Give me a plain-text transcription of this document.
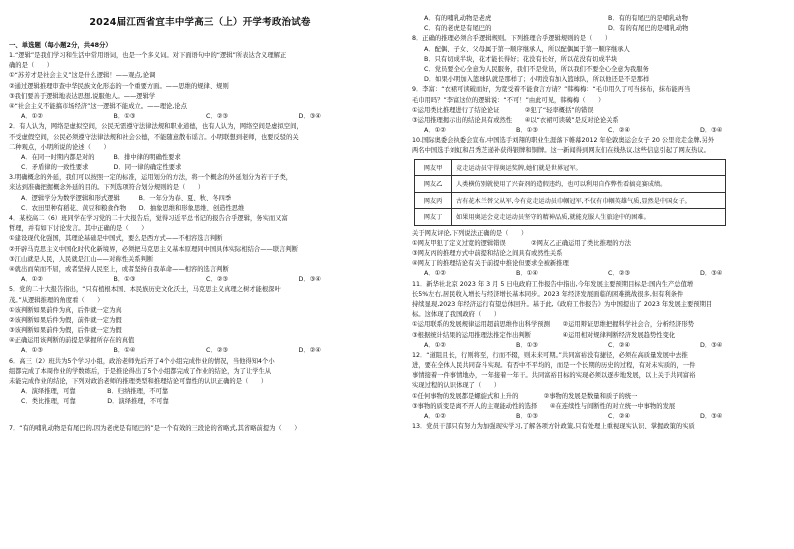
2024届江西省宜丰中学高三（上）开学考政治试卷
一、单选题（每小题2分，共48分）
1.“逻辑”是我们学习和生活中常用语词，也是一个多义词。对下面语句中的“逻辑”所表达含义理解正
确的是（　　）
①“苏芳才是社会主义”这是什么逻辑！——观点,论调
②通过逻辑推理审查中华民族文化形态的一个重要方面。——思维的规律、规则
③我们要善于逻辑地表达思想,说服他人。——逻辑学
④“社会主义不能搞市场经济”这一逻辑不能成立。——理论,论点
A．①②	B．①③	C．②③	D．③④
2．有人认为，网络是虚拟空间，公民无需遵守法律法规和职业道德，也有人认为，网络空间是虚拟空间，
不受虚假空间，公民必须遵守法律法规和社会公德，不能随意散布谣言。小明联想到老师，也要反驳的关
二种观点，小明所说的论述（　　）
A．在同一时期内都是对的　　　B．排中律的明确性要求
C．矛盾律的一致性要求　　　　D．同一律的确定性要求
3.明确概念的外延，我们可以按照一定的标准，运用划分的方法，将一个概念的外延划分为若干子类，
来达到准确把握概念外延的目的。下列选项符合划分规则的是（　　）
A．逻辑学分为数学逻辑和形式逻辑　　　B．一年分为春、夏、秋、冬四季
C．农田里种有稻花、黄豆和粮食作物　　D．抽象思维和形象思维、创造性思维
4．某校高二（6）班同学在学习党的二十大报告后，觉得习近平总书记的报告合乎逻辑，务实而又富
哲理，并有如下讨论发言。其中正确的是（　　）
①建设现代化强国，其理论基础是中国式，要么是西方式——不相容选言判断
②开辟马克思主义中国化时代化新境界，必须把马克思主义基本原理同中国具体实际相结合——联言判断
③江山就是人民，人民就是江山——对称性关系判断
④就出而荣而不屈，或者坚持人民至上，或者坚持自我革命——相容的选言判断
A．①②	B．①③	C．②③	D．③④
5．党的二十大报告指出，“只有植根本国、本民族历史文化沃土，马克思主义真理之树才能根深叶
茂。”从逻辑推理的角度看（　　）
①该判断如果前件为真，后件就一定为真
②该判断如果后件为假，前件就一定为假
③该判断如果前件为假，后件就一定为假
④正确运用该判断的前提是掌握所存在的真值
A．①③	B．①④	C．②③	D．②④
6．高三（2）班共为5个学习小组，政治老师先后开了4个小组完成作业的情况，当他得知4个小
组都完成了本周作业的学数练后，于是推论得出了5个小组都完成了作业的结论，为了让学生从
未能完成作业的结论，下列对政治老师的推理类型和推理结论可靠性的认识正确的是（　　）
A．演绎推理，可靠　　　　　B．归纳推理，不可靠
C．类比推理，可靠　　　　　D．演绎推理，不可靠
7．“有的哺乳动物是有尾巴的,因为老虎是有尾巴的”是一个有效的三段论的省略式,其省略前提为（　　）
A．有的哺乳动物是老虎	B．有的有尾巴的是哺乳动物
C．有的老虎是有尾巴的	D．有的有尾巴的是哺乳动物
8．正确的推理必须合乎逻辑规则。下列推理合乎逻辑规则的是（　　）
A．配偶、子女、父母属于第一顺序继承人，所以配偶属于第一顺序继承人
B．只有切成半块，花才能长得好；花没有长好，所以花没有切成半块
C．党员要全心全意为人民服务，我们不是党员，所以我们不要全心全意为我服务
D．如果小明加入篮球队就是那样了；小明没有加入篮球队，所以他还是不是那样
9．李富：“衣裙可读破而好，为宽受着不能食言方请？”韩梅梅：“毛巾用久了可当抹布，抹布能再当
毛巾用吗？”李富这位的逻辑说：“不可！”由此可见，韩梅梅（　　）
①运用类比推理进行了结论论证　　　　②犯了“轻率概括”的错误
③运用推理揭示出的结论具有或然性　　④以“衣裙可读破”是反对论论关系
A．①②	B．①③	C．②④	D．③④
10.国际奥委会执委会宣布,中国选手刘翔的职业生涯落下帷幕2012 年伦敦奥运会女子 20 公里竞走金牌,另外
两名中国选手刘虹和吕秀芝递补获得银牌和铜牌。这一新闻得到网友们在线热议,这些信息引起了网友热议。
网友甲	竞走运动员守得奥运奖牌,她们就是世界冠军。
网友乙	人类横仿别就使用了兴奋剂的造假违约，也可以利用自作弊性看搞竞赛成绩。
网友丙	古有花木兰替父从军,今有竞走运动员巾帼冠军,不仅有巾帼英雄气质,显然是中国女子。
网友丁	如果用奥运会竞走运动员坚守的精神品质,就能克服人生旅途中的困难。
关于网友评论,下列说法正确的是（　　）
①网友甲犯了定义过宽的逻辑错误　　　　②网友乙正确运用了类比推理的方法
③网友丙的推理方式中前提和结论之间具有或然性关系
④网友丁的推理结论有关于前提中推论但要求全被新推理
A．①②	B．①④	C．②③	D．③④
11．新华社北京 2023 年 3 月 5 日电政府工作报告中指出,今年发展主要预期目标是:国内生产总值增
长5%左右,居民收入增长与经济增长基本同步。2023 年经济发展面临的困难挑战很多,但有利条件
持续显现,2023 年经济运行有望总体回升。基于此,《政府工作报告》为中国提出了 2023 年发展主要预期目
标。这体现了我国政府（　　）
①运用联系的发展规律运用超前思维作出科学预测　　②运用辩证思维把握科学社会合，分析经济形势
③根据统计结果的运用推理法推定作出判断　　　　　④运用相对规律判断经济发展趋势性变化
A．①②	B．①③	C．②④	D．③④
12．“道阻且长，行则将至，行而不辍，则未来可期。”共同富裕没有捷径，必须在高质量发展中去推
进，要在全体人民共同奋斗实现。有否中不平均的，而是一个长期的历史的过程，有对未实质的，一件
事情接着一件事情地办，一年接着一年干。共同富裕目标的实现必须以逐步地发展，以上关于共同富裕
实现过程的认识体现了（　　）
①任何事物的发展都是螺旋式和上升的　　　　②事物的发展是数量和质子的统一
③事物的质变是离不开人的主观能动性的选择　　④在连续性与间断性的对立统一中事物的发展
A．①②	B．①③	C．②④	D．③④
13．党员干部只有努力为加强现实学习,了解各项方针政策,只有处理上重视现实认识、掌握政策的实质
